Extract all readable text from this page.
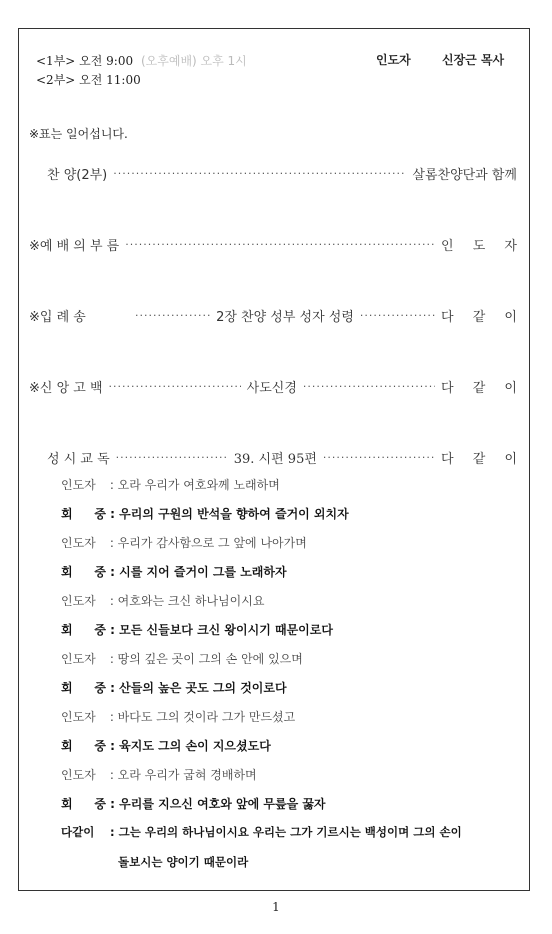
<1부> 오전 9:00 (오후예배) 오후 1시
<2부> 오전 11:00
인도자	신장근 목사
※표는 일어섭니다.
찬 양(2부) ·····	살롬찬양단과 함께
※예 배 의 부 름 ·····	인 도 자
※입 례 송 ·····	2장 찬양 성부 성자 성령 ·····	다 같 이
※신 앙 고 백 ·····	사도신경 ·····	다 같 이
성 시 교 독 ·····	39. 시편 95편 ·····	다 같 이
인도자 : 오라 우리가 여호와께 노래하며
회 중 : 우리의 구원의 반석을 향하여 즐거이 외치자
인도자 : 우리가 감사함으로 그 앞에 나아가며
회 중 : 시를 지어 즐거이 그를 노래하자
인도자 : 여호와는 크신 하나님이시요
회 중 : 모든 신들보다 크신 왕이시기 때문이로다
인도자 : 땅의 깊은 곳이 그의 손 안에 있으며
회 중 : 산들의 높은 곳도 그의 것이로다
인도자 : 바다도 그의 것이라 그가 만드셨고
회 중 : 육지도 그의 손이 지으셨도다
인도자 : 오라 우리가 굽혀 경배하며
회 중 : 우리를 지으신 여호와 앞에 무릎을 꿇자
다같이 : 그는 우리의 하나님이시요 우리는 그가 기르시는 백성이며 그의 손이
돌보시는 양이기 때문이라
1
